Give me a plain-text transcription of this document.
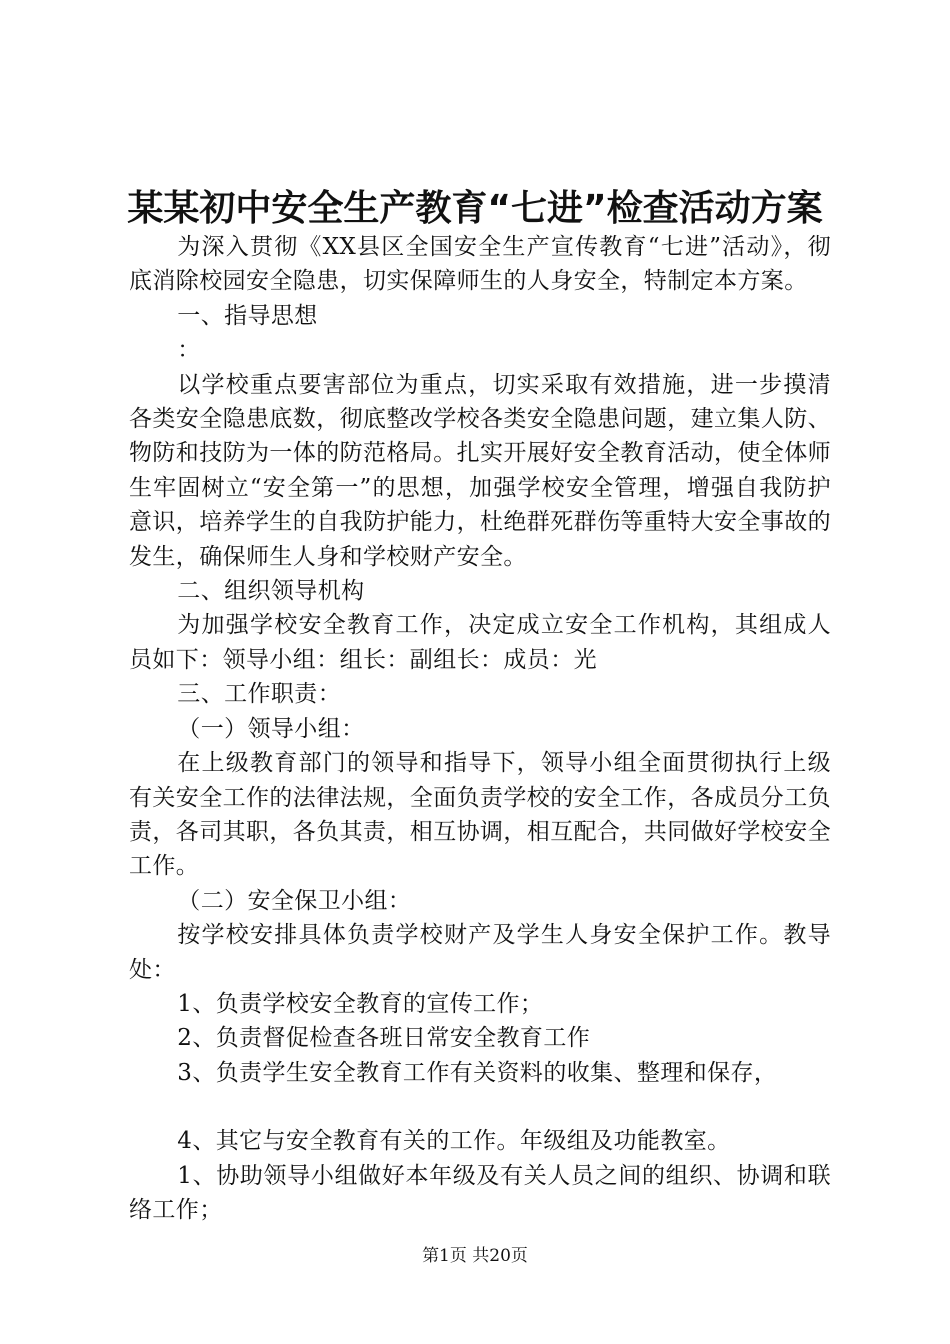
某某初中安全生产教育“七进”检查活动方案

为深入贯彻《XX县区全国安全生产宣传教育“七进”活动》，彻底消除校园安全隐患，切实保障师生的人身安全，特制定本方案。

一、指导思想

：

以学校重点要害部位为重点，切实采取有效措施，进一步摸清各类安全隐患底数，彻底整改学校各类安全隐患问题，建立集人防、物防和技防为一体的防范格局。扎实开展好安全教育活动，使全体师生牢固树立“安全第一”的思想，加强学校安全管理，增强自我防护意识，培养学生的自我防护能力，杜绝群死群伤等重特大安全事故的发生，确保师生人身和学校财产安全。

二、组织领导机构

为加强学校安全教育工作，决定成立安全工作机构，其组成人员如下：领导小组：组长：副组长：成员：光

三、工作职责：

（一）领导小组：

在上级教育部门的领导和指导下，领导小组全面贯彻执行上级有关安全工作的法律法规，全面负责学校的安全工作，各成员分工负责，各司其职，各负其责，相互协调，相互配合，共同做好学校安全工作。

（二）安全保卫小组：

按学校安排具体负责学校财产及学生人身安全保护工作。教导处：

1、负责学校安全教育的宣传工作；

2、负责督促检查各班日常安全教育工作

3、负责学生安全教育工作有关资料的收集、整理和保存，

4、其它与安全教育有关的工作。年级组及功能教室。

1、协助领导小组做好本年级及有关人员之间的组织、协调和联络工作；

第1页 共20页
